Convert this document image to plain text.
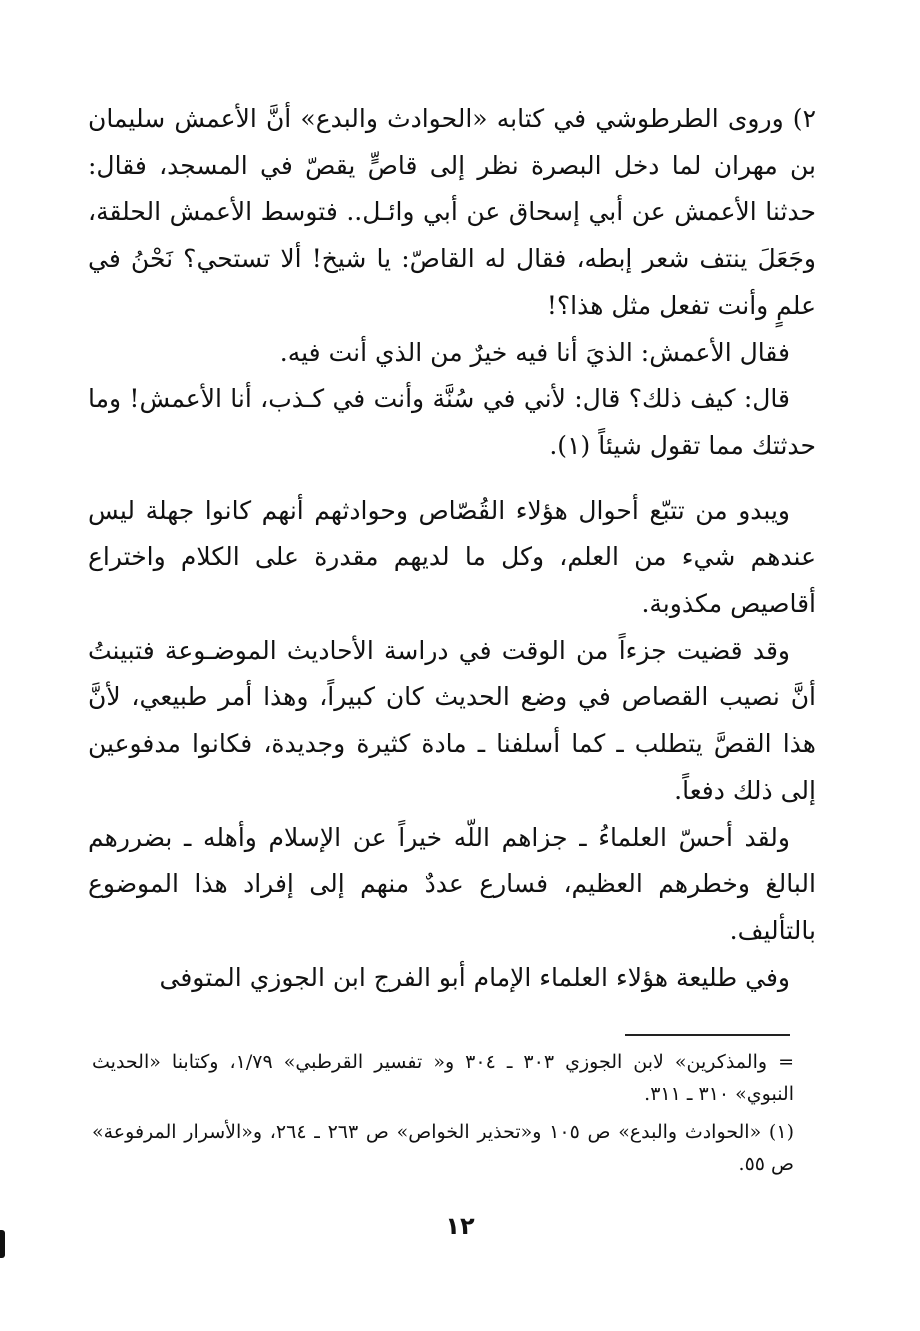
٢) وروى الطرطوشي في كتابه «الحوادث والبدع» أنَّ الأعمش سليمان بن مهران لما دخل البصرة نظر إلى قاصٍّ يقصّ في المسجد، فقال: حدثنا الأعمش عن أبي إسحاق عن أبي وائـل.. فتوسط الأعمش الحلقة، وجَعَلَ ينتف شعر إبطه، فقال له القاصّ: يا شيخ! ألا تستحي؟ نَحْنُ في علمٍ وأنت تفعل مثل هذا؟!

فقال الأعمش: الذيَ أنا فيه خيرٌ من الذي أنت فيه.

قال: كيف ذلك؟ قال: لأني في سُنَّة وأنت في كـذب، أنا الأعمش! وما حدثتك مما تقول شيئاً (١).

ويبدو من تتبّع أحوال هؤلاء القُصّاص وحوادثهم أنهم كانوا جهلة ليس عندهم شيء من العلم، وكل ما لديهم مقدرة على الكلام واختراع أقاصيص مكذوبة.

وقد قضيت جزءاً من الوقت في دراسة الأحاديث الموضـوعة فتبينتُ أنَّ نصيب القصاص في وضع الحديث كان كبيراً، وهذا أمر طبيعي، لأنَّ هذا القصَّ يتطلب ـ كما أسلفنا ـ مادة كثيرة وجديدة، فكانوا مدفوعين إلى ذلك دفعاً.

ولقد أحسّ العلماءُ ـ جزاهم اللّه خيراً عن الإسلام وأهله ـ بضررهم البالغ وخطرهم العظيم، فسارع عددٌ منهم إلى إفراد هذا الموضوع بالتأليف.

وفي طليعة هؤلاء العلماء الإمام أبو الفرج ابن الجوزي المتوفى

= والمذكرين» لابن الجوزي ٣٠٣ ـ ٣٠٤ و« تفسير القرطبي» ١/٧٩، وكتابنا «الحديث النبوي» ٣١٠ ـ ٣١١.

(١) «الحوادث والبدع» ص ١٠٥ و«تحذير الخواص» ص ٢٦٣ ـ ٢٦٤، و«الأسرار المرفوعة» ص ٥٥.

١٢
